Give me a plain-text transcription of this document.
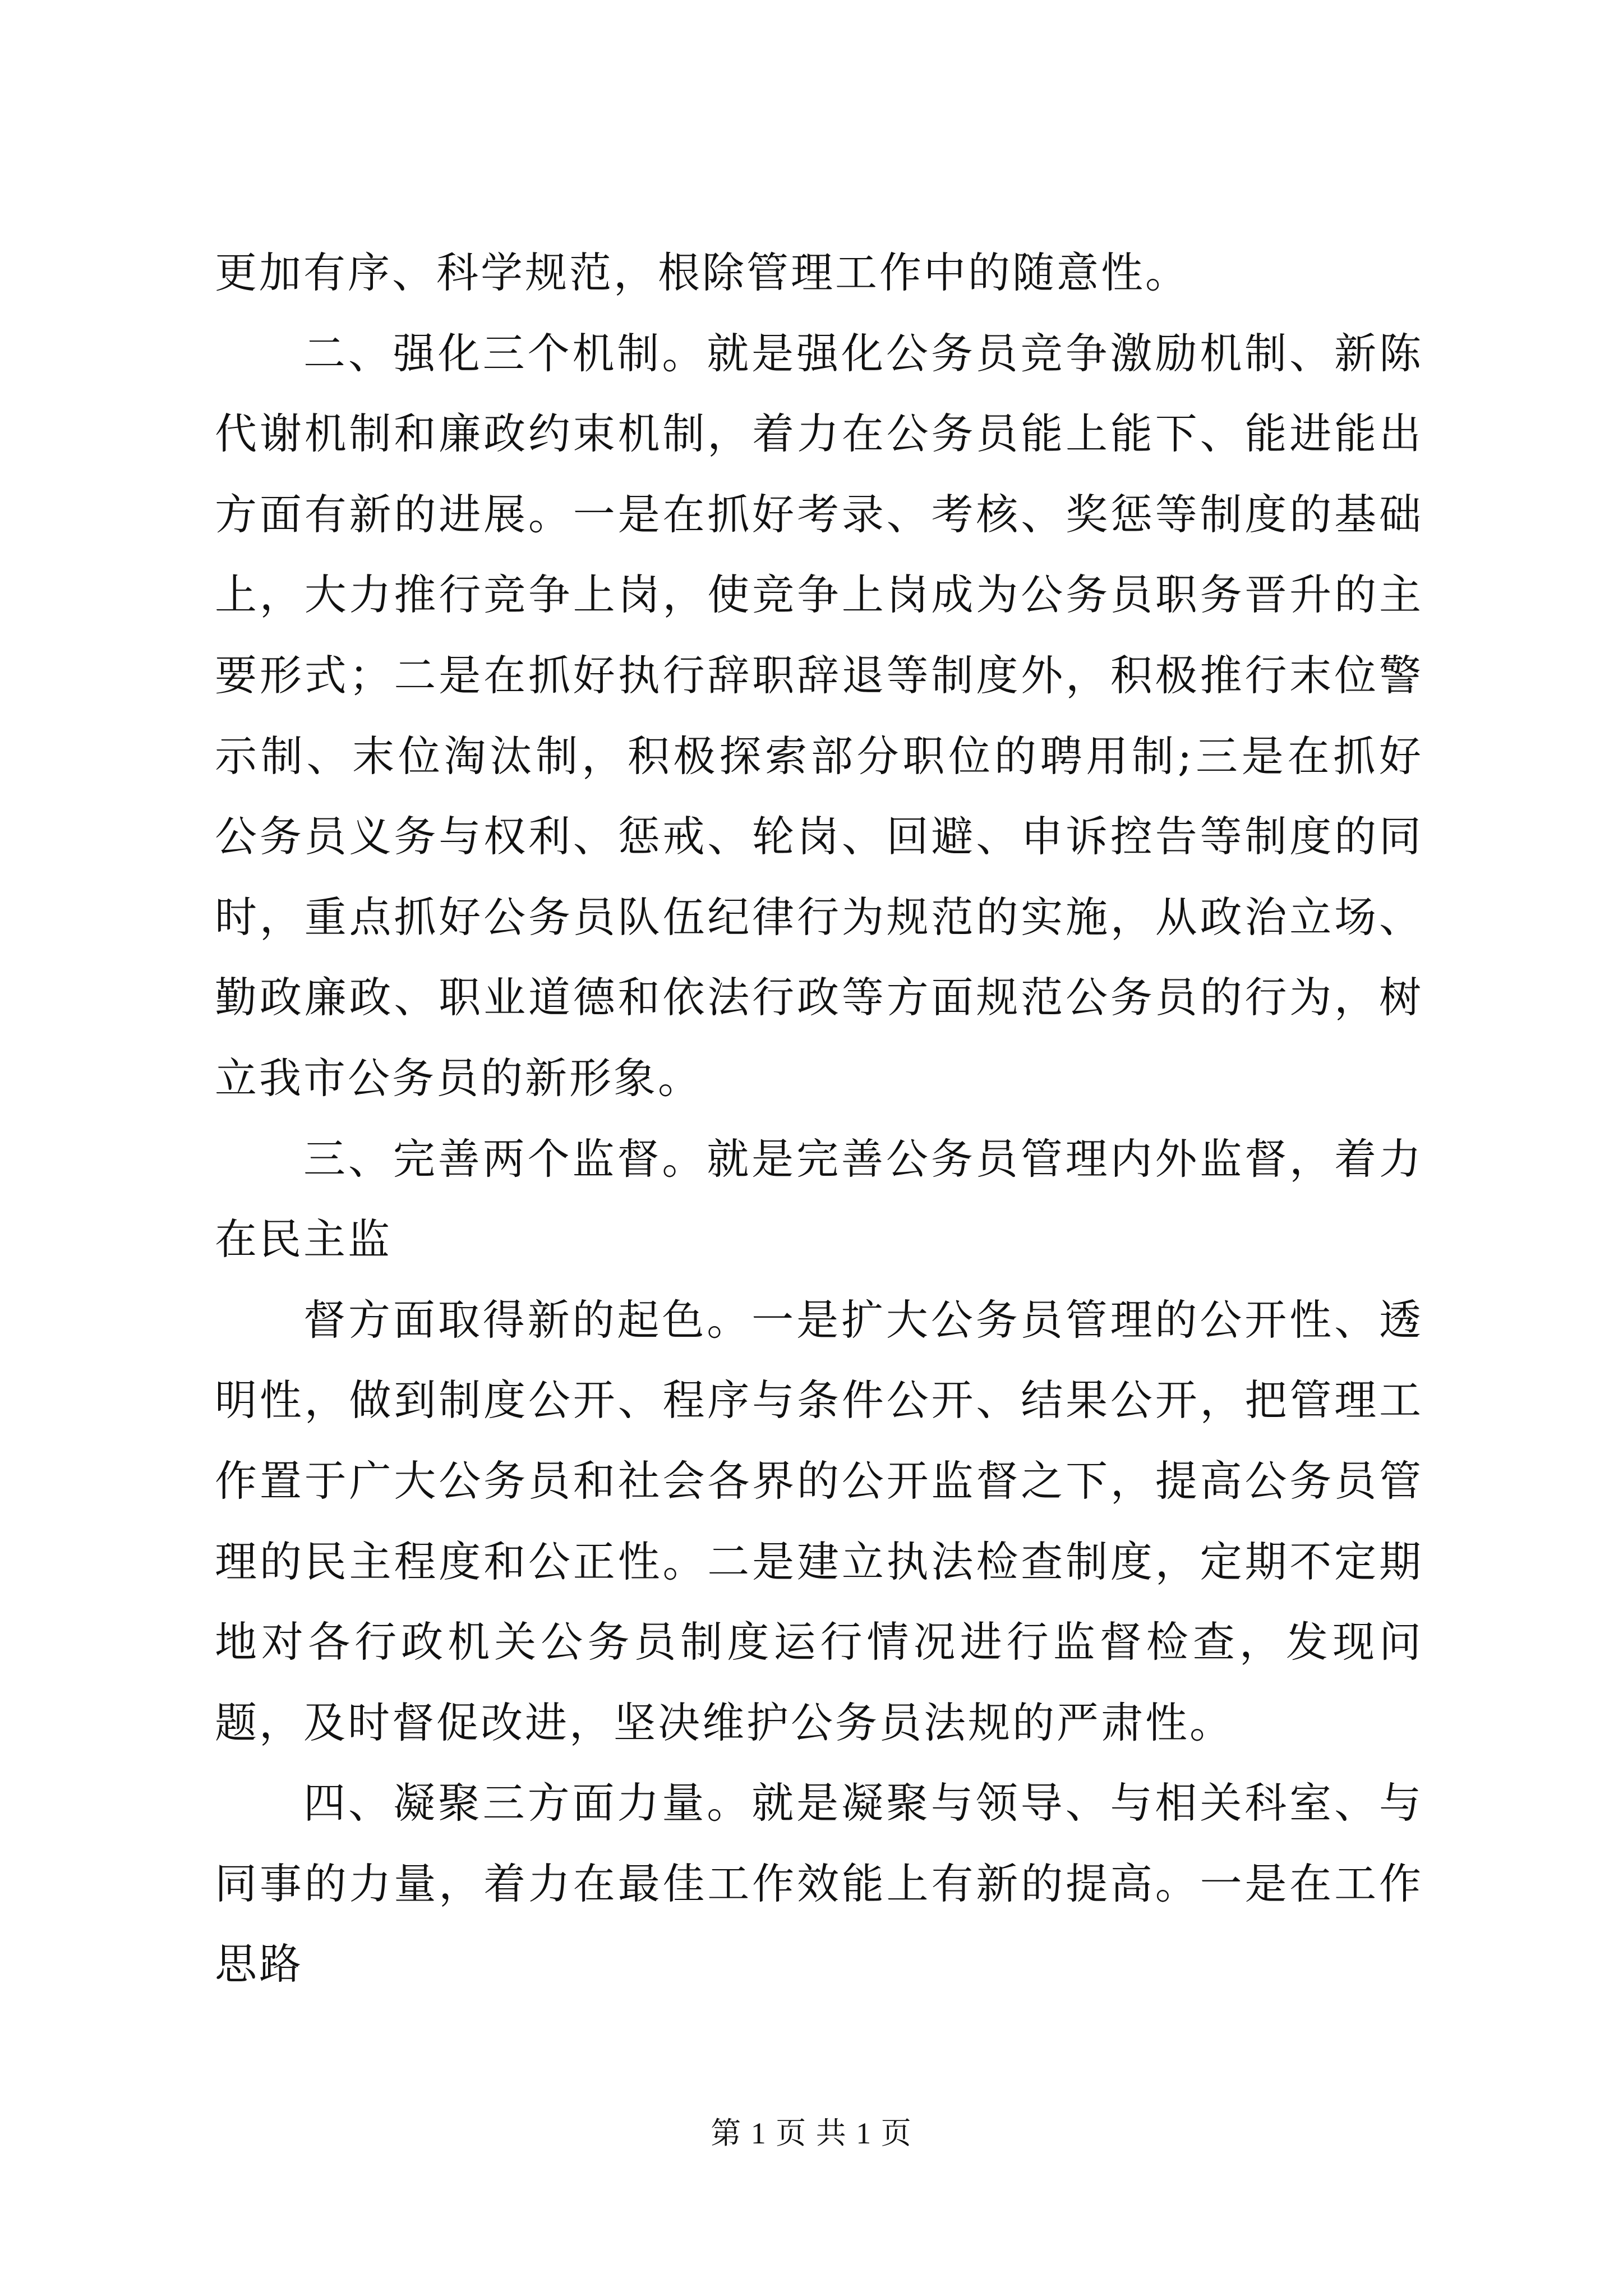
更加有序、科学规范，根除管理工作中的随意性。

二、强化三个机制。就是强化公务员竞争激励机制、新陈代谢机制和廉政约束机制，着力在公务员能上能下、能进能出方面有新的进展。一是在抓好考录、考核、奖惩等制度的基础上，大力推行竞争上岗，使竞争上岗成为公务员职务晋升的主要形式；二是在抓好执行辞职辞退等制度外，积极推行末位警示制、末位淘汰制，积极探索部分职位的聘用制;三是在抓好公务员义务与权利、惩戒、轮岗、回避、申诉控告等制度的同时，重点抓好公务员队伍纪律行为规范的实施，从政治立场、勤政廉政、职业道德和依法行政等方面规范公务员的行为，树立我市公务员的新形象。

三、完善两个监督。就是完善公务员管理内外监督，着力在民主监

督方面取得新的起色。一是扩大公务员管理的公开性、透明性，做到制度公开、程序与条件公开、结果公开，把管理工作置于广大公务员和社会各界的公开监督之下，提高公务员管理的民主程度和公正性。二是建立执法检查制度，定期不定期地对各行政机关公务员制度运行情况进行监督检查，发现问题，及时督促改进，坚决维护公务员法规的严肃性。

四、凝聚三方面力量。就是凝聚与领导、与相关科室、与同事的力量，着力在最佳工作效能上有新的提高。一是在工作思路

第 1 页 共 1 页
